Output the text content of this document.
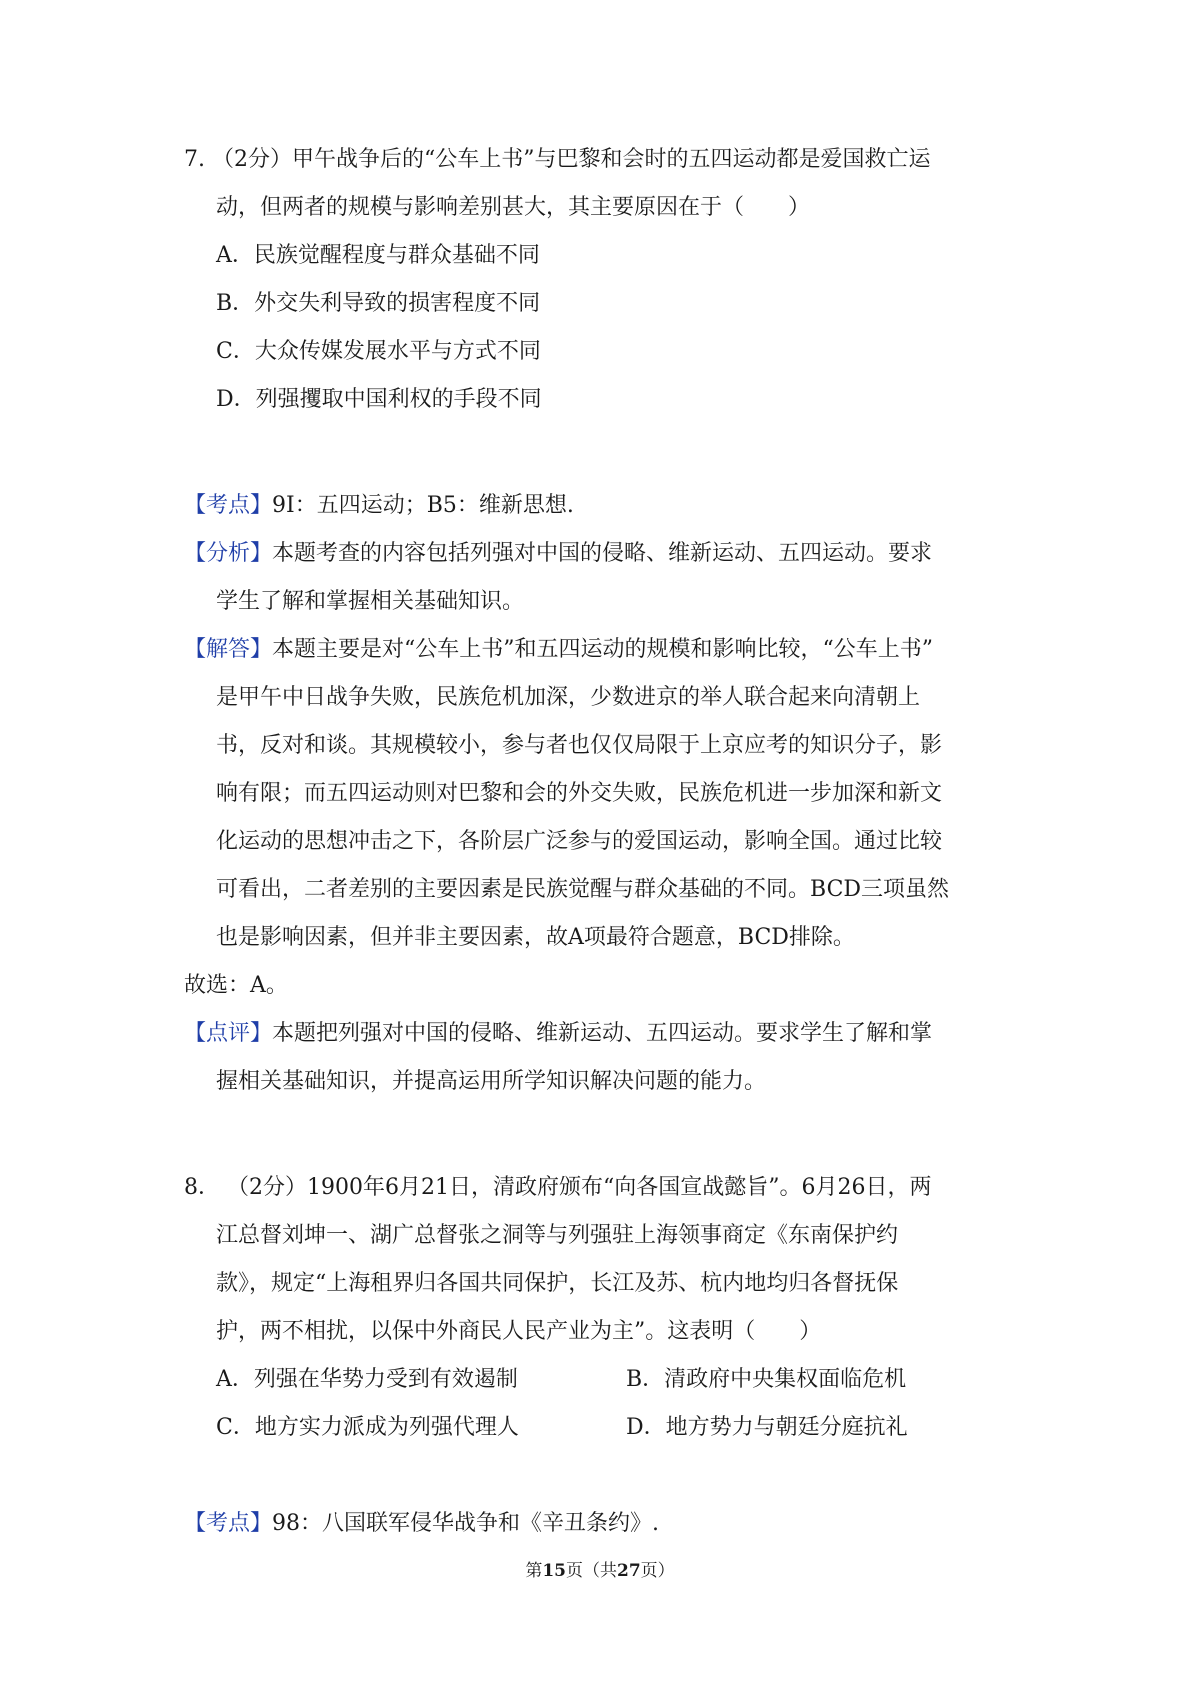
7. （2分）甲午战争后的“公车上书”与巴黎和会时的五四运动都是爱国救亡运
动，但两者的规模与影响差别甚大，其主要原因在于（　　）
A．民族觉醒程度与群众基础不同
B．外交失利导致的损害程度不同
C．大众传媒发展水平与方式不同
D．列强攫取中国利权的手段不同
【考点】9I：五四运动；B5：维新思想.
【分析】本题考查的内容包括列强对中国的侵略、维新运动、五四运动。要求
学生了解和掌握相关基础知识。
【解答】本题主要是对“公车上书”和五四运动的规模和影响比较，“公车上书”
是甲午中日战争失败，民族危机加深，少数进京的举人联合起来向清朝上
书，反对和谈。其规模较小，参与者也仅仅局限于上京应考的知识分子，影
响有限；而五四运动则对巴黎和会的外交失败，民族危机进一步加深和新文
化运动的思想冲击之下，各阶层广泛参与的爱国运动，影响全国。通过比较
可看出，二者差别的主要因素是民族觉醒与群众基础的不同。BCD三项虽然
也是影响因素，但并非主要因素，故A项最符合题意，BCD排除。
故选：A。
【点评】本题把列强对中国的侵略、维新运动、五四运动。要求学生了解和掌
握相关基础知识，并提高运用所学知识解决问题的能力。
8． （2分）1900年6月21日，清政府颁布“向各国宣战懿旨”。6月26日，两
江总督刘坤一、湖广总督张之洞等与列强驻上海领事商定《东南保护约
款》，规定“上海租界归各国共同保护，长江及苏、杭内地均归各督抚保
护，两不相扰，以保中外商民人民产业为主”。这表明（　　）
A．列强在华势力受到有效遏制	B．清政府中央集权面临危机
C．地方实力派成为列强代理人	D．地方势力与朝廷分庭抗礼
【考点】98：八国联军侵华战争和《辛丑条约》.
第15页（共27页）
